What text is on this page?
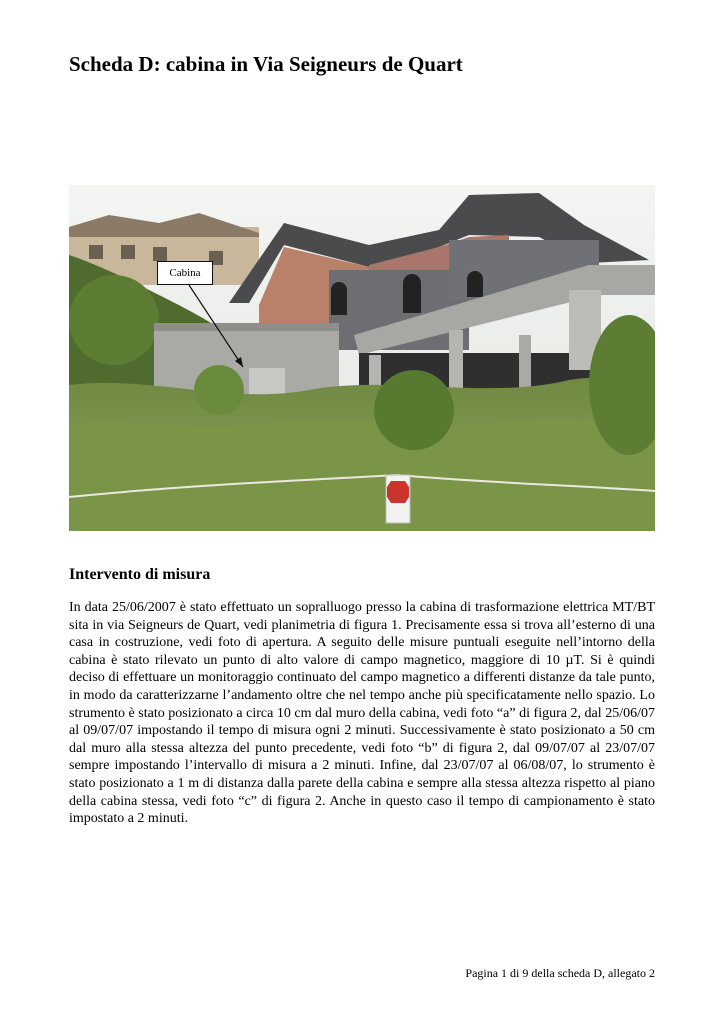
Scheda D: cabina in Via Seigneurs de Quart
Cabina
Intervento di misura

In data 25/06/2007 è stato effettuato un sopralluogo presso la cabina di trasformazione elettrica MT/BT sita in via Seigneurs de Quart, vedi planimetria di figura 1. Precisamente essa si trova all’esterno di una casa in costruzione, vedi foto di apertura. A seguito delle misure puntuali eseguite nell’intorno della cabina è stato rilevato un punto di alto valore di campo magnetico, maggiore di 10 µT. Si è quindi deciso di effettuare un monitoraggio continuato del campo magnetico a differenti distanze da tale punto, in modo da caratterizzarne l’andamento oltre che nel tempo anche più specificatamente nello spazio. Lo strumento è stato posizionato a circa 10 cm dal muro della cabina, vedi foto “a” di figura 2, dal 25/06/07 al 09/07/07 impostando il tempo di misura ogni 2 minuti. Successivamente è stato posizionato a 50 cm dal muro alla stessa altezza del punto precedente, vedi foto “b” di figura 2, dal 09/07/07 al 23/07/07 sempre impostando l’intervallo di misura a 2 minuti. Infine, dal 23/07/07 al 06/08/07, lo strumento è stato posizionato a 1 m di distanza dalla parete della cabina e sempre alla stessa altezza rispetto al piano della cabina stessa, vedi foto “c” di figura 2. Anche in questo caso il tempo di campionamento è stato impostato a 2 minuti.

Pagina 1 di 9 della scheda D, allegato 2
